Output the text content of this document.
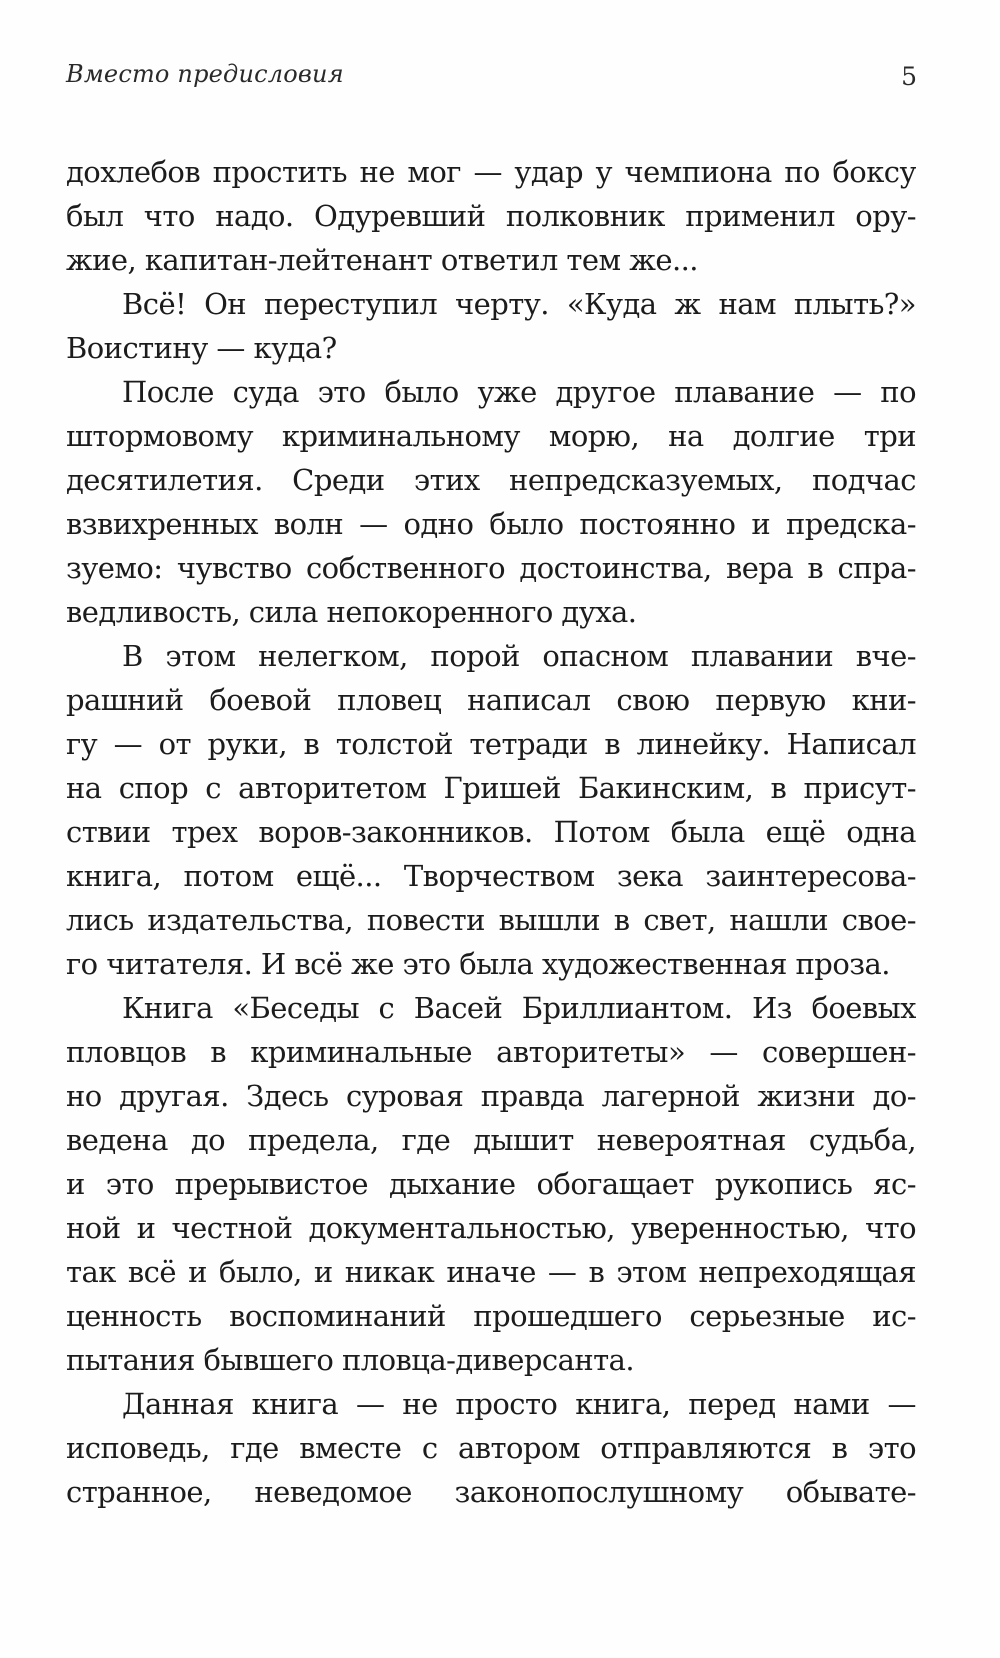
Вместо предисловия	5
дохлебов простить не мог — удар у чемпиона по боксу
был что надо. Одуревший полковник применил ору-
жие, капитан-лейтенант ответил тем же...
Всё! Он переступил черту. «Куда ж нам плыть?»
Воистину — куда?
После суда это было уже другое плавание — по
штормовому криминальному морю, на долгие три
десятилетия. Среди этих непредсказуемых, подчас
взвихренных волн — одно было постоянно и предска-
зуемо: чувство собственного достоинства, вера в спра-
ведливость, сила непокоренного духа.
В этом нелегком, порой опасном плавании вче-
рашний боевой пловец написал свою первую кни-
гу — от руки, в толстой тетради в линейку. Написал
на спор с авторитетом Гришей Бакинским, в присут-
ствии трех воров-законников. Потом была ещё одна
книга, потом ещё... Творчеством зека заинтересова-
лись издательства, повести вышли в свет, нашли свое-
го читателя. И всё же это была художественная проза.
Книга «Беседы с Васей Бриллиантом. Из боевых
пловцов в криминальные авторитеты» — совершен-
но другая. Здесь суровая правда лагерной жизни до-
ведена до предела, где дышит невероятная судьба,
и это прерывистое дыхание обогащает рукопись яс-
ной и честной документальностью, уверенностью, что
так всё и было, и никак иначе — в этом непреходящая
ценность воспоминаний прошедшего серьезные ис-
пытания бывшего пловца-диверсанта.
Данная книга — не просто книга, перед нами —
исповедь, где вместе с автором отправляются в это
странное, неведомое законопослушному обывате-
